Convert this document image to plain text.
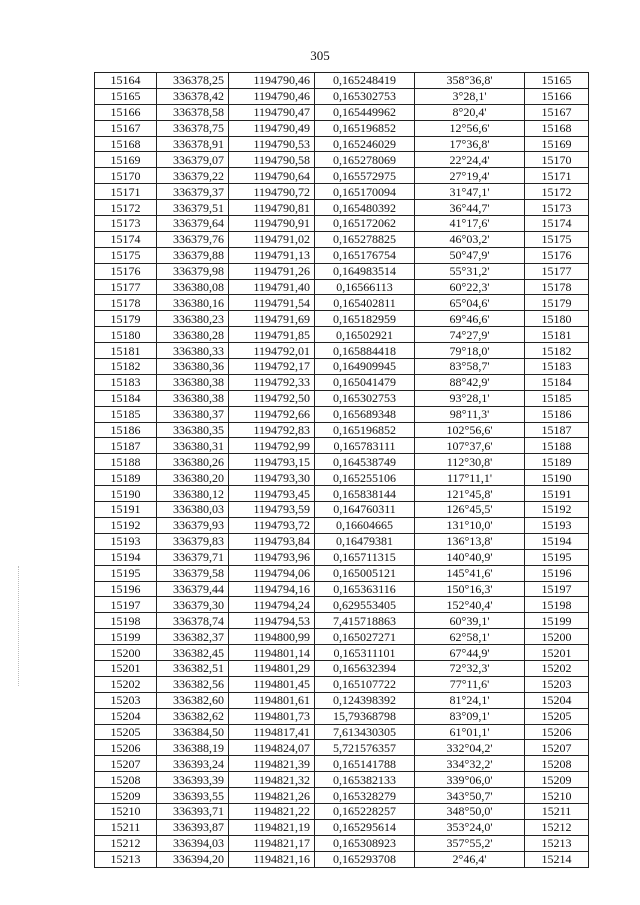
305
15164	336378,25	1194790,46	0,165248419	358°36,8'	15165
15165	336378,42	1194790,46	0,165302753	3°28,1'	15166
15166	336378,58	1194790,47	0,165449962	8°20,4'	15167
15167	336378,75	1194790,49	0,165196852	12°56,6'	15168
15168	336378,91	1194790,53	0,165246029	17°36,8'	15169
15169	336379,07	1194790,58	0,165278069	22°24,4'	15170
15170	336379,22	1194790,64	0,165572975	27°19,4'	15171
15171	336379,37	1194790,72	0,165170094	31°47,1'	15172
15172	336379,51	1194790,81	0,165480392	36°44,7'	15173
15173	336379,64	1194790,91	0,165172062	41°17,6'	15174
15174	336379,76	1194791,02	0,165278825	46°03,2'	15175
15175	336379,88	1194791,13	0,165176754	50°47,9'	15176
15176	336379,98	1194791,26	0,164983514	55°31,2'	15177
15177	336380,08	1194791,40	0,16566113	60°22,3'	15178
15178	336380,16	1194791,54	0,165402811	65°04,6'	15179
15179	336380,23	1194791,69	0,165182959	69°46,6'	15180
15180	336380,28	1194791,85	0,16502921	74°27,9'	15181
15181	336380,33	1194792,01	0,165884418	79°18,0'	15182
15182	336380,36	1194792,17	0,164909945	83°58,7'	15183
15183	336380,38	1194792,33	0,165041479	88°42,9'	15184
15184	336380,38	1194792,50	0,165302753	93°28,1'	15185
15185	336380,37	1194792,66	0,165689348	98°11,3'	15186
15186	336380,35	1194792,83	0,165196852	102°56,6'	15187
15187	336380,31	1194792,99	0,165783111	107°37,6'	15188
15188	336380,26	1194793,15	0,164538749	112°30,8'	15189
15189	336380,20	1194793,30	0,165255106	117°11,1'	15190
15190	336380,12	1194793,45	0,165838144	121°45,8'	15191
15191	336380,03	1194793,59	0,164760311	126°45,5'	15192
15192	336379,93	1194793,72	0,16604665	131°10,0'	15193
15193	336379,83	1194793,84	0,16479381	136°13,8'	15194
15194	336379,71	1194793,96	0,165711315	140°40,9'	15195
15195	336379,58	1194794,06	0,165005121	145°41,6'	15196
15196	336379,44	1194794,16	0,165363116	150°16,3'	15197
15197	336379,30	1194794,24	0,629553405	152°40,4'	15198
15198	336378,74	1194794,53	7,415718863	60°39,1'	15199
15199	336382,37	1194800,99	0,165027271	62°58,1'	15200
15200	336382,45	1194801,14	0,165311101	67°44,9'	15201
15201	336382,51	1194801,29	0,165632394	72°32,3'	15202
15202	336382,56	1194801,45	0,165107722	77°11,6'	15203
15203	336382,60	1194801,61	0,124398392	81°24,1'	15204
15204	336382,62	1194801,73	15,79368798	83°09,1'	15205
15205	336384,50	1194817,41	7,613430305	61°01,1'	15206
15206	336388,19	1194824,07	5,721576357	332°04,2'	15207
15207	336393,24	1194821,39	0,165141788	334°32,2'	15208
15208	336393,39	1194821,32	0,165382133	339°06,0'	15209
15209	336393,55	1194821,26	0,165328279	343°50,7'	15210
15210	336393,71	1194821,22	0,165228257	348°50,0'	15211
15211	336393,87	1194821,19	0,165295614	353°24,0'	15212
15212	336394,03	1194821,17	0,165308923	357°55,2'	15213
15213	336394,20	1194821,16	0,165293708	2°46,4'	15214
